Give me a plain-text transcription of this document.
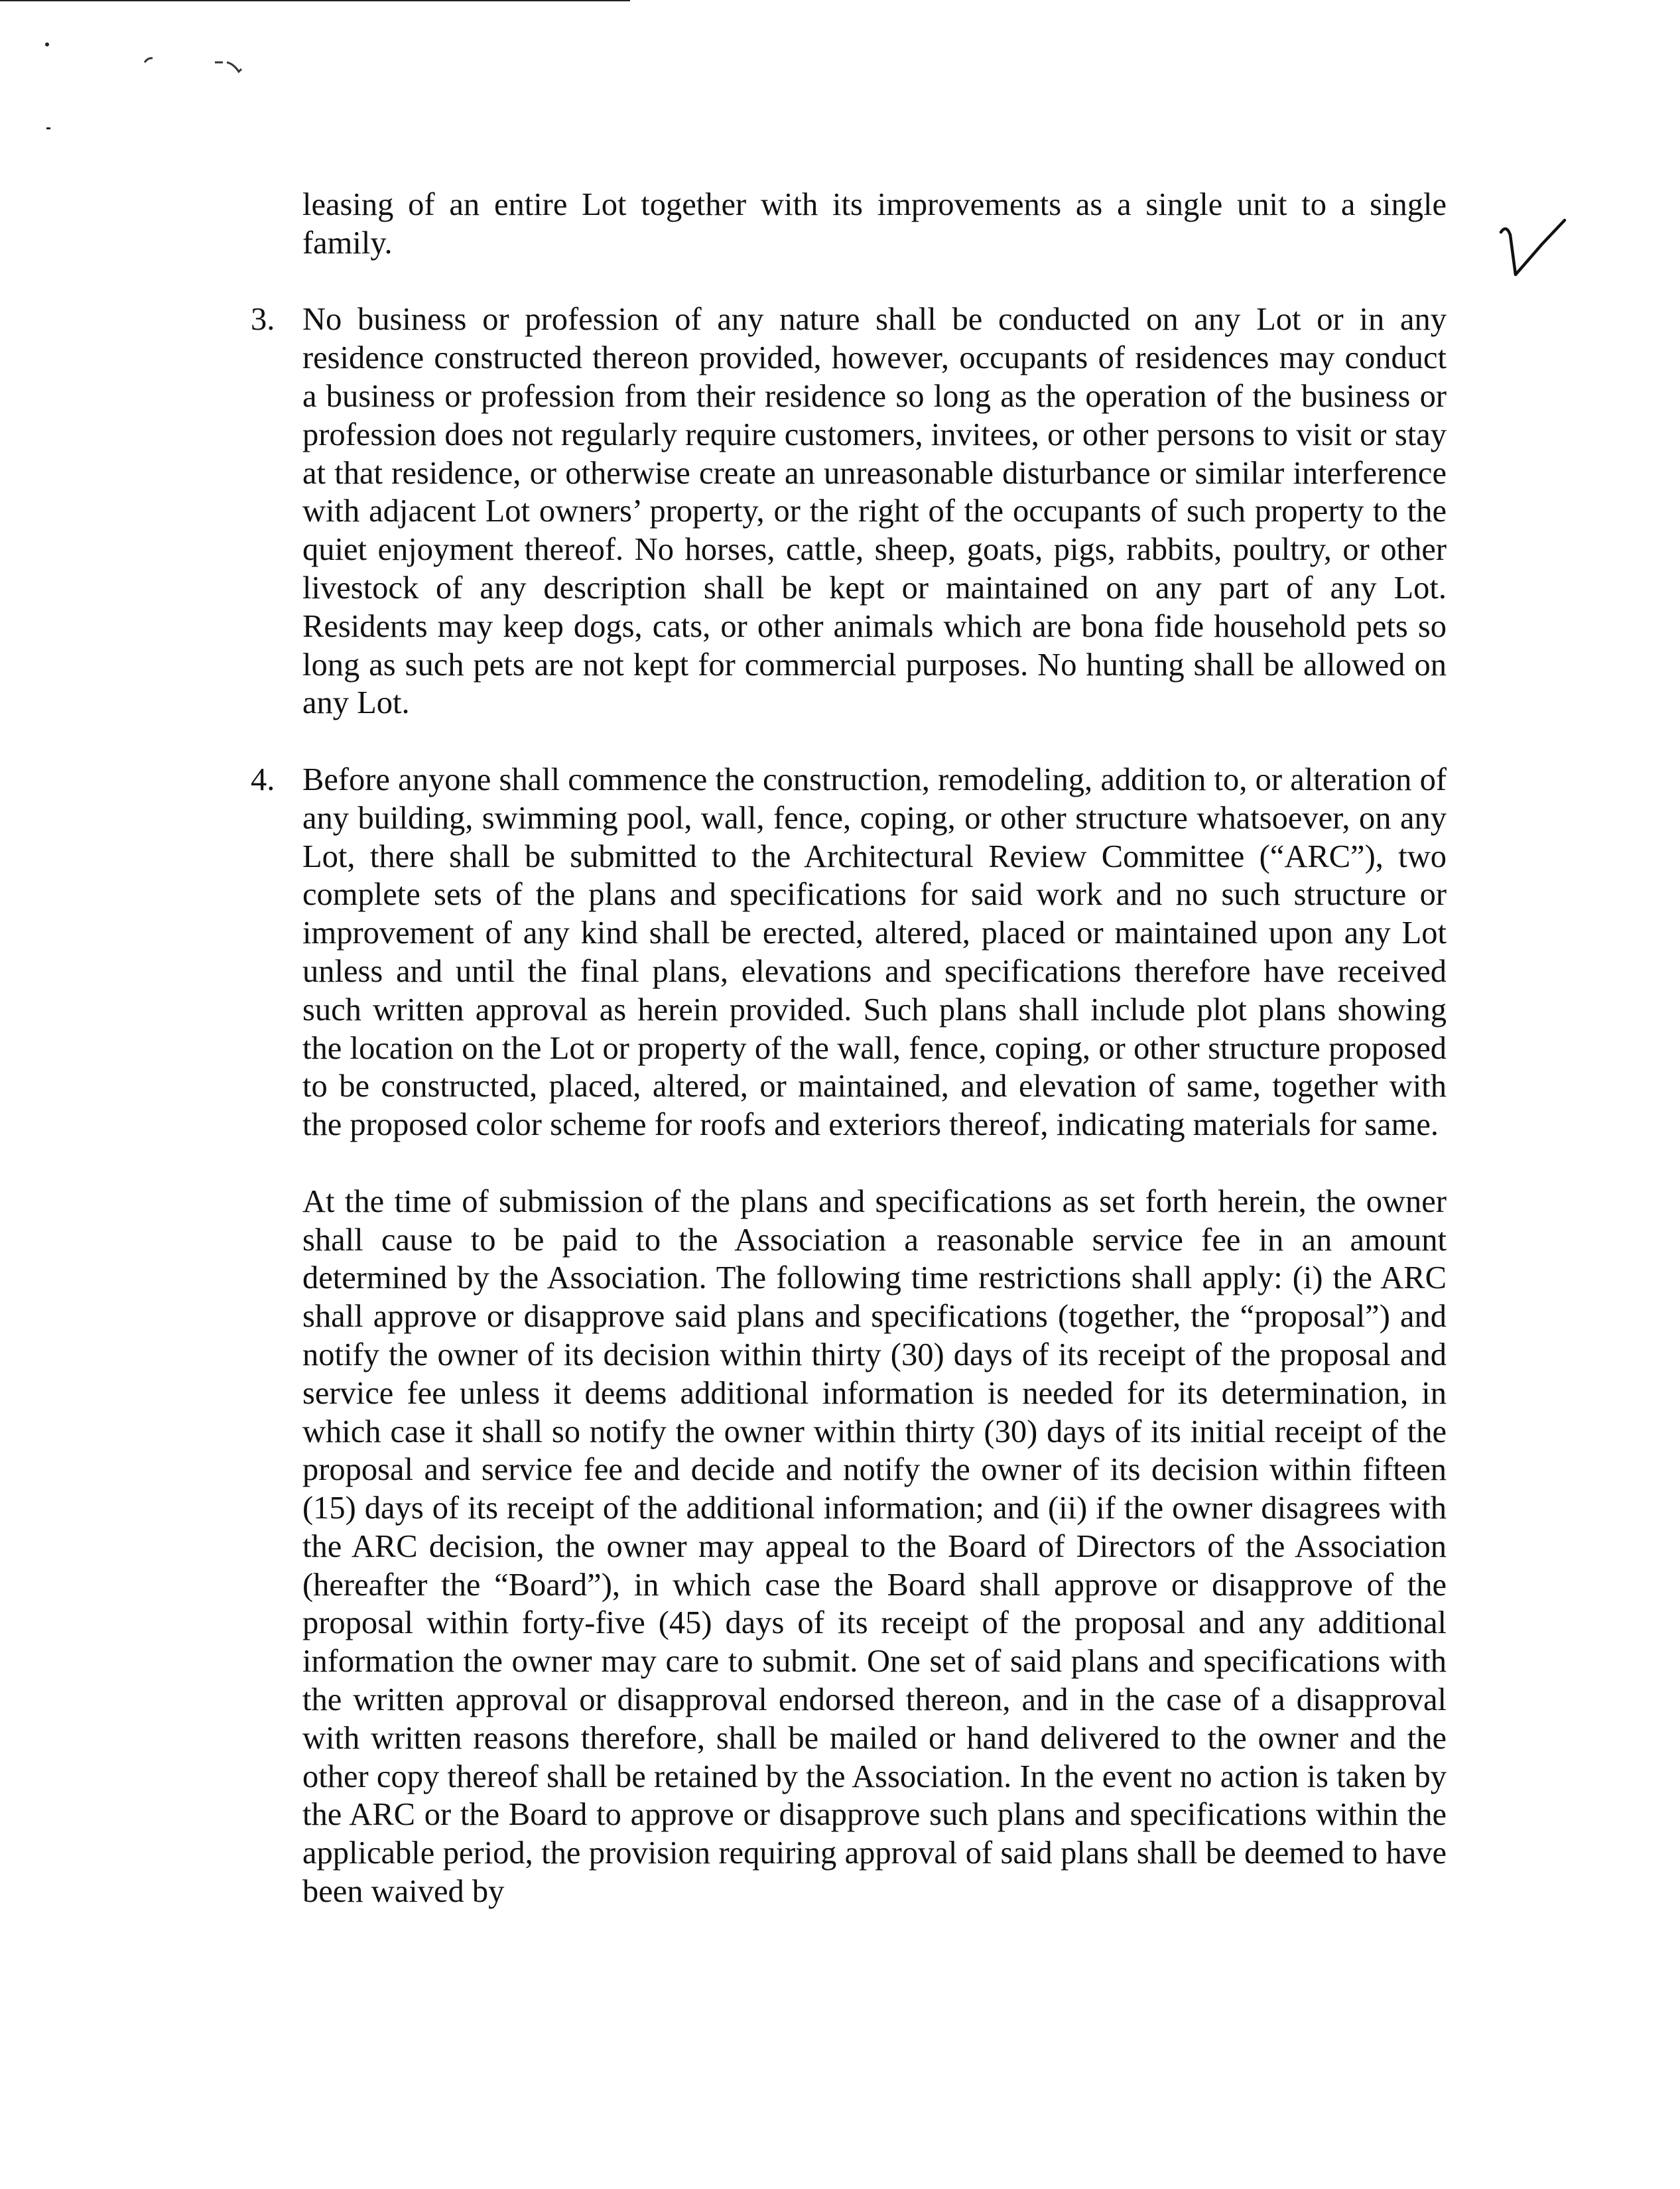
leasing of an entire Lot together with its improvements as a single unit to a single family.

3. No business or profession of any nature shall be conducted on any Lot or in any residence constructed thereon provided, however, occupants of residences may conduct a business or profession from their residence so long as the operation of the business or profession does not regularly require customers, invitees, or other persons to visit or stay at that residence, or otherwise create an unreasonable disturbance or similar interference with adjacent Lot owners’ property, or the right of the occupants of such property to the quiet enjoyment thereof. No horses, cattle, sheep, goats, pigs, rabbits, poultry, or other livestock of any description shall be kept or maintained on any part of any Lot. Residents may keep dogs, cats, or other animals which are bona fide household pets so long as such pets are not kept for commercial purposes. No hunting shall be allowed on any Lot.

4. Before anyone shall commence the construction, remodeling, addition to, or alteration of any building, swimming pool, wall, fence, coping, or other structure whatsoever, on any Lot, there shall be submitted to the Architectural Review Committee (“ARC”), two complete sets of the plans and specifications for said work and no such structure or improvement of any kind shall be erected, altered, placed or maintained upon any Lot unless and until the final plans, elevations and specifications therefore have received such written approval as herein provided. Such plans shall include plot plans showing the location on the Lot or property of the wall, fence, coping, or other structure proposed to be constructed, placed, altered, or maintained, and elevation of same, together with the proposed color scheme for roofs and exteriors thereof, indicating materials for same.

At the time of submission of the plans and specifications as set forth herein, the owner shall cause to be paid to the Association a reasonable service fee in an amount determined by the Association. The following time restrictions shall apply: (i) the ARC shall approve or disapprove said plans and specifications (together, the “proposal”) and notify the owner of its decision within thirty (30) days of its receipt of the proposal and service fee unless it deems additional information is needed for its determination, in which case it shall so notify the owner within thirty (30) days of its initial receipt of the proposal and service fee and decide and notify the owner of its decision within fifteen (15) days of its receipt of the additional information; and (ii) if the owner disagrees with the ARC decision, the owner may appeal to the Board of Directors of the Association (hereafter the “Board”), in which case the Board shall approve or disapprove of the proposal within forty-five (45) days of its receipt of the proposal and any additional information the owner may care to submit. One set of said plans and specifications with the written approval or disapproval endorsed thereon, and in the case of a disapproval with written reasons therefore, shall be mailed or hand delivered to the owner and the other copy thereof shall be retained by the Association. In the event no action is taken by the ARC or the Board to approve or disapprove such plans and specifications within the applicable period, the provision requiring approval of said plans shall be deemed to have been waived by
